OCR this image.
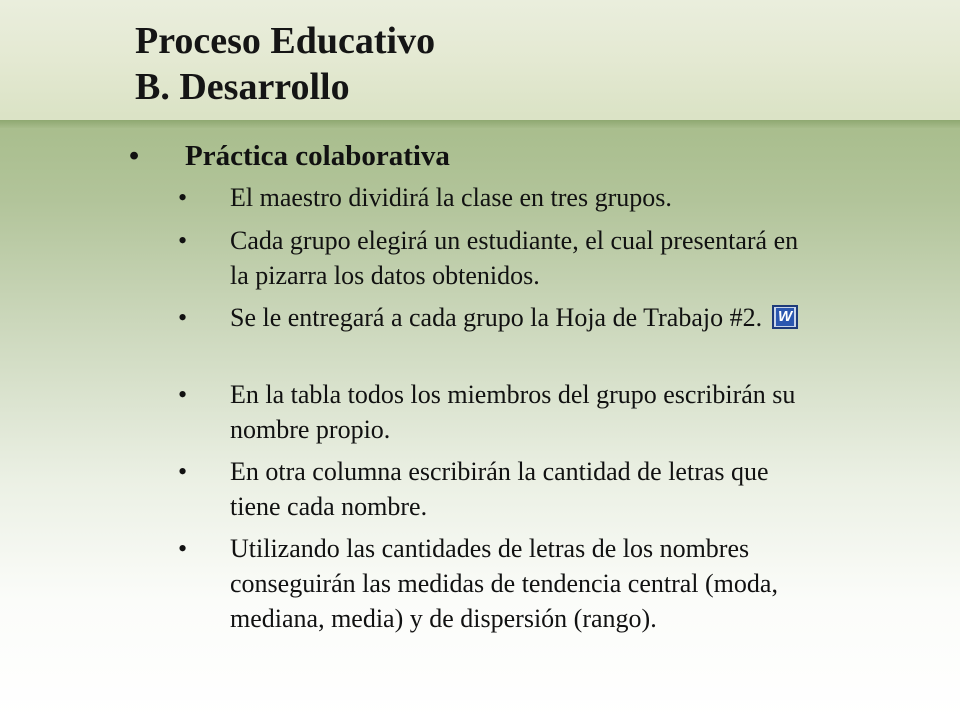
Proceso Educativo
B. Desarrollo
• Práctica colaborativa
• El maestro dividirá la clase en tres grupos.
• Cada grupo elegirá un estudiante, el cual presentará en la pizarra los datos obtenidos.
• Se le entregará a cada grupo la Hoja de Trabajo #2.W
• En la tabla todos los miembros del grupo escribirán su nombre propio.
• En otra columna escribirán la cantidad de letras que tiene cada nombre.
• Utilizando las cantidades de letras de los nombres conseguirán las medidas de tendencia central (moda, mediana, media) y de dispersión (rango).
